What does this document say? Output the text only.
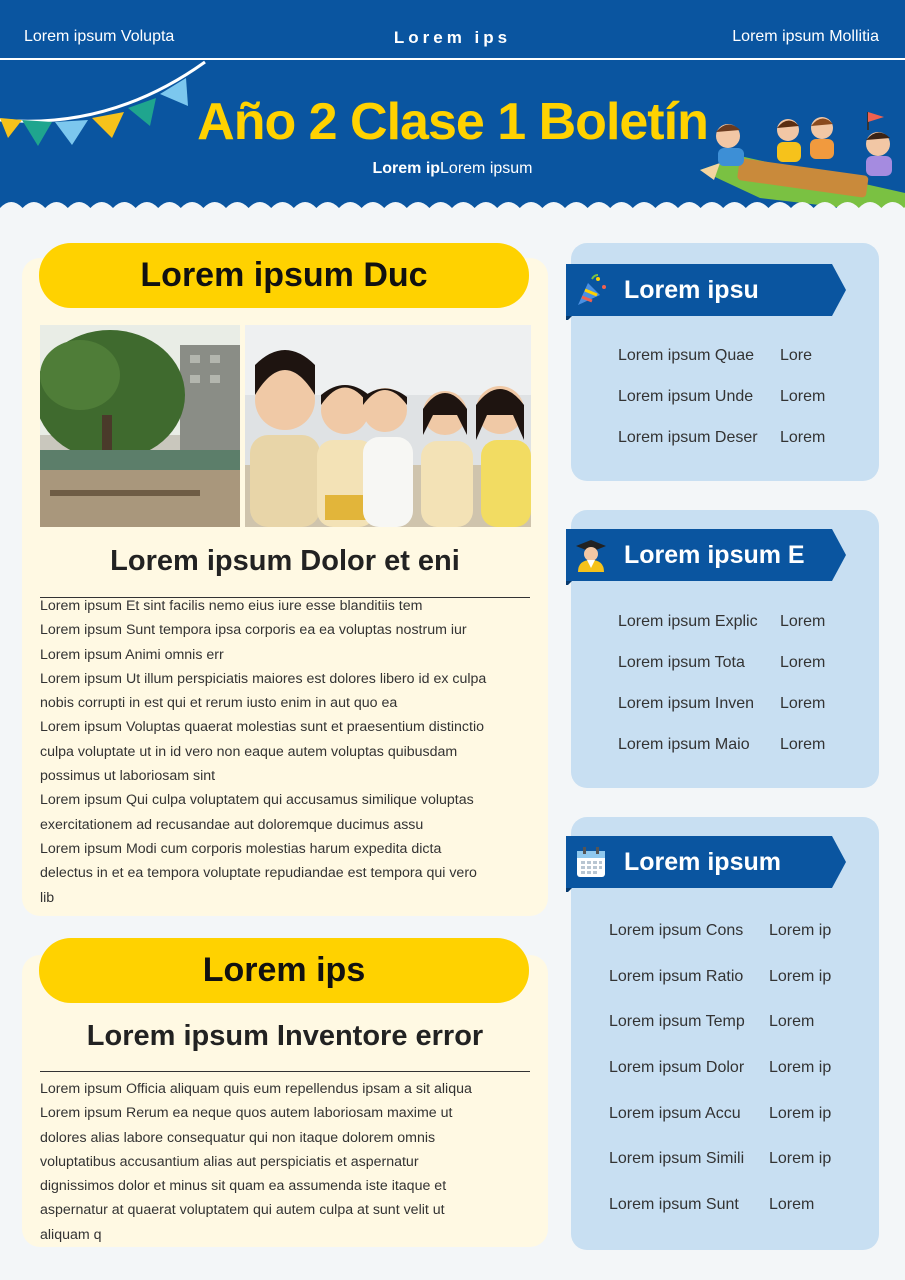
Lorem ipsum Volupta	Lorem ips	Lorem ipsum Mollitia
Año 2 Clase 1 Boletín
Lorem ipLorem ipsum
Lorem ipsum Duc
Lorem ipsum Dolor et eni

Lorem ipsum Et sint facilis nemo eius iure esse blanditiis tem

Lorem ipsum Sunt tempora ipsa corporis ea ea voluptas nostrum iur

Lorem ipsum Animi omnis err

Lorem ipsum Ut illum perspiciatis maiores est dolores libero id ex culpa

nobis corrupti in est qui et rerum iusto enim in aut quo ea

Lorem ipsum Voluptas quaerat molestias sunt et praesentium distinctio

culpa voluptate ut in id vero non eaque autem voluptas quibusdam

possimus ut laboriosam sint

Lorem ipsum Qui culpa voluptatem qui accusamus similique voluptas

exercitationem ad recusandae aut doloremque ducimus assu

Lorem ipsum Modi cum corporis molestias harum expedita dicta

delectus in et ea tempora voluptate repudiandae est tempora qui vero

lib

Lorem ips
Lorem ipsum Inventore error

Lorem ipsum Officia aliquam quis eum repellendus ipsam a sit aliqua

Lorem ipsum Rerum ea neque quos autem laboriosam maxime ut

dolores alias labore consequatur qui non itaque dolorem omnis

voluptatibus accusantium alias aut perspiciatis et aspernatur

dignissimos dolor et minus sit quam ea assumenda iste itaque et

aspernatur at quaerat voluptatem qui autem culpa at sunt velit ut

aliquam q

Lorem ipsu
Lorem ipsum Quae Lore
Lorem ipsum Unde Lorem
Lorem ipsum Deser Lorem
Lorem ipsum E
Lorem ipsum Explic Lorem
Lorem ipsum Tota Lorem
Lorem ipsum Inven Lorem
Lorem ipsum Maio Lorem
Lorem ipsum
Lorem ipsum Cons Lorem ip
Lorem ipsum Ratio Lorem ip
Lorem ipsum Temp Lorem
Lorem ipsum Dolor Lorem ip
Lorem ipsum Accu Lorem ip
Lorem ipsum Simili Lorem ip
Lorem ipsum Sunt Lorem
